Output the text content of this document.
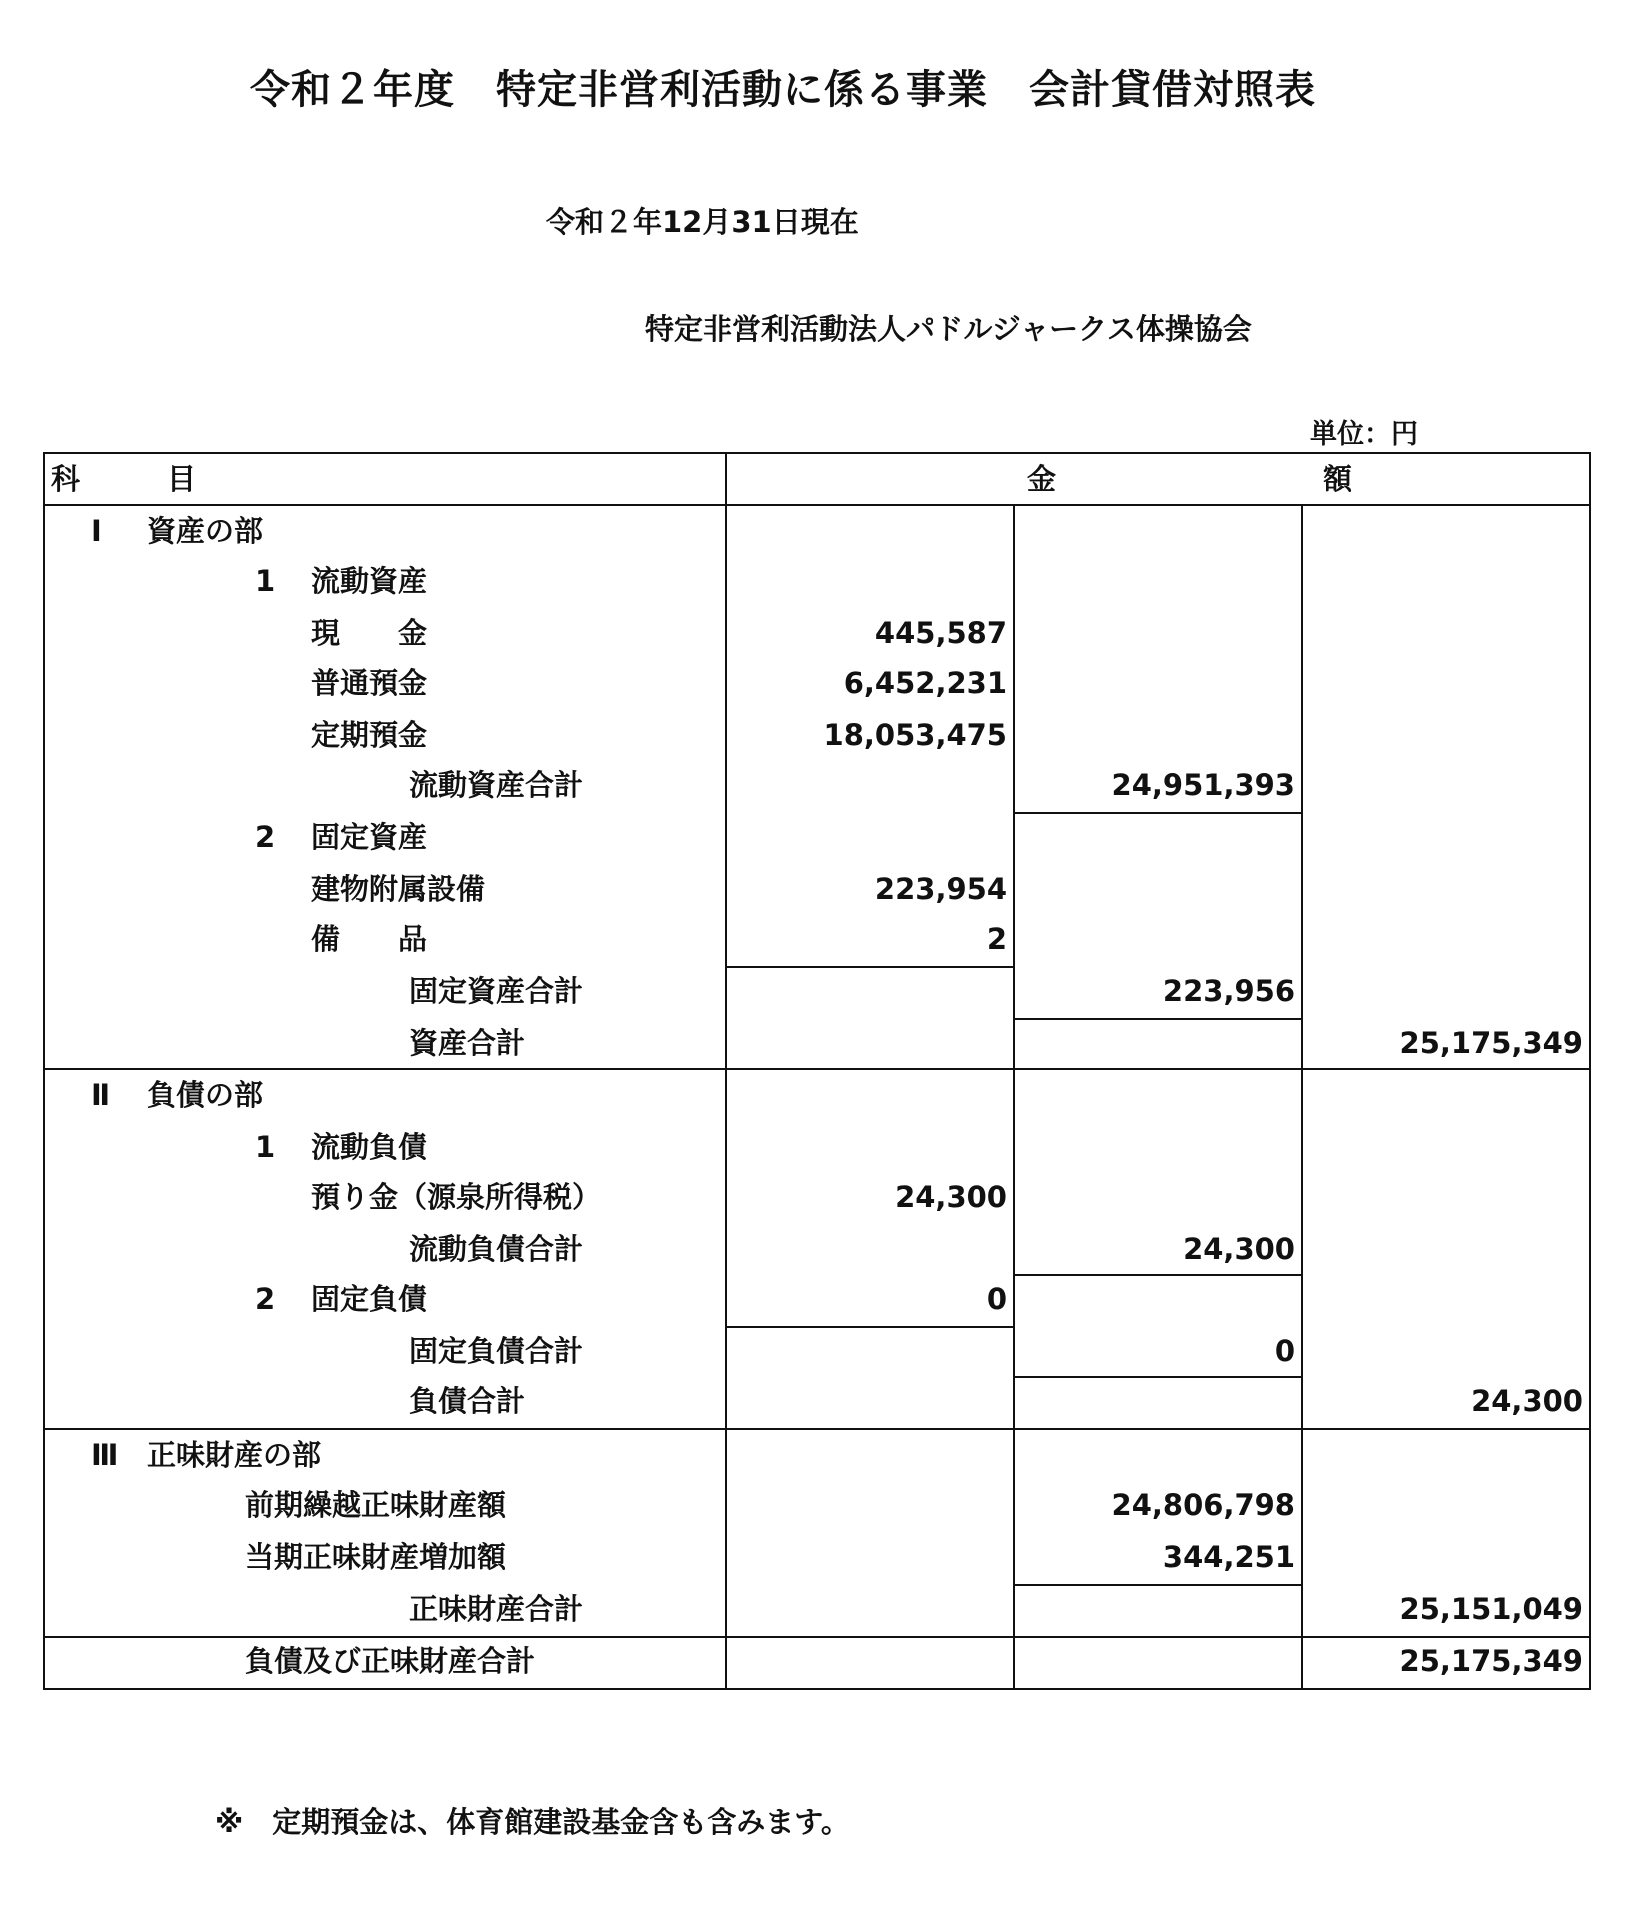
令和２年度　特定非営利活動に係る事業　会計貸借対照表
令和２年12月31日現在
特定非営利活動法人パドルジャークス体操協会
単位：円
科　　　目	金	額
Ⅰ 資産の部
1 流動資産
現　　金	445,587
普通預金	6,452,231
定期預金	18,053,475
流動資産合計	24,951,393
2 固定資産
建物附属設備	223,954
備　　品	2
固定資産合計	223,956
資産合計	25,175,349
Ⅱ 負債の部
1 流動負債
預り金（源泉所得税）	24,300
流動負債合計	24,300
2 固定負債	0
固定負債合計	0
負債合計	24,300
Ⅲ 正味財産の部
前期繰越正味財産額	24,806,798
当期正味財産増加額	344,251
正味財産合計	25,151,049
負債及び正味財産合計	25,175,349
※　定期預金は、体育館建設基金含も含みます。
